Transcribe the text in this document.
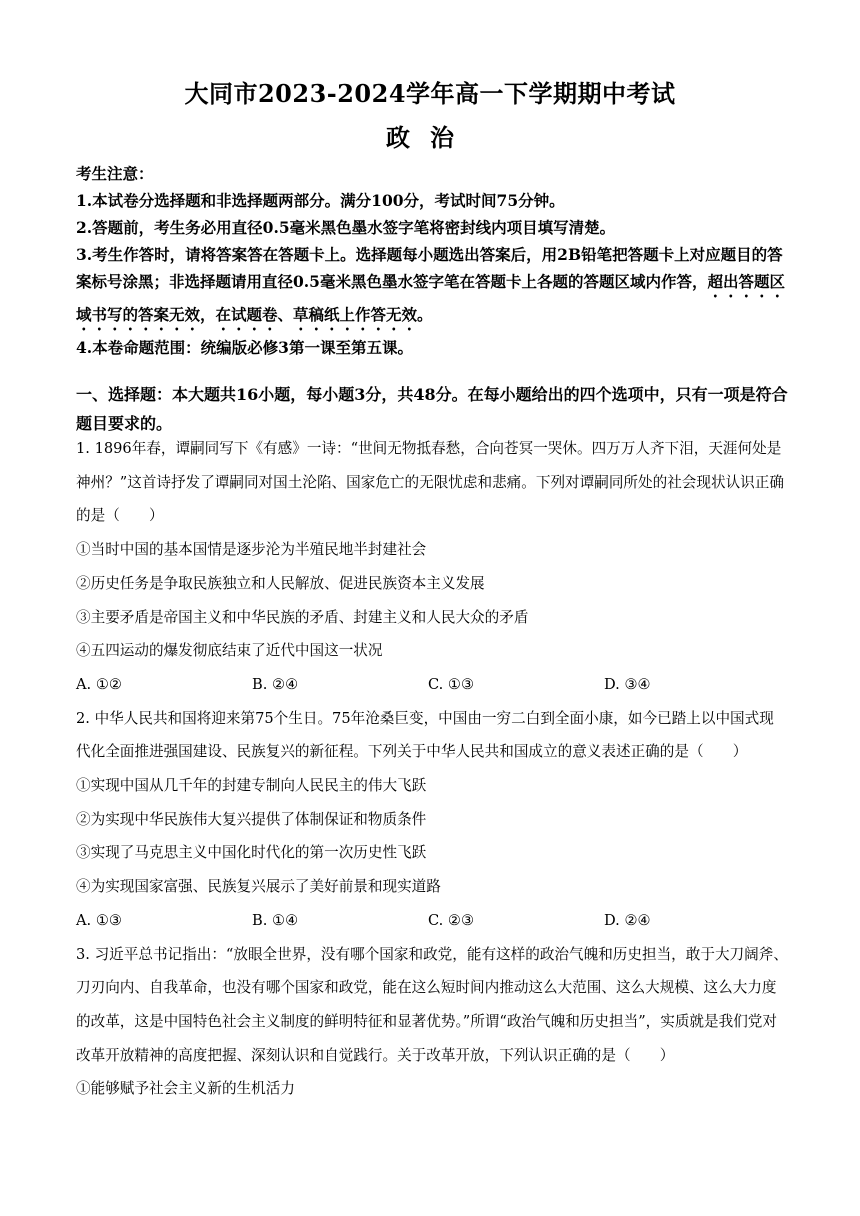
大同市2023-2024学年高一下学期期中考试
政治

考生注意：

1.本试卷分选择题和非选择题两部分。满分100分，考试时间75分钟。

2.答题前，考生务必用直径0.5毫米黑色墨水签字笔将密封线内项目填写清楚。

3.考生作答时，请将答案答在答题卡上。选择题每小题选出答案后，用2B铅笔把答题卡上对应题目的答案标号涂黑；非选择题请用直径0.5毫米黑色墨水签字笔在答题卡上各题的答题区域内作答，超出答题区域书写的答案无效，在试题卷、草稿纸上作答无效。

4.本卷命题范围：统编版必修3第一课至第五课。

一、选择题：本大题共16小题，每小题3分，共48分。在每小题给出的四个选项中，只有一项是符合题目要求的。

1. 1896年春，谭嗣同写下《有感》一诗：“世间无物抵春愁，合向苍冥一哭休。四万万人齐下泪，天涯何处是神州？”这首诗抒发了谭嗣同对国土沦陷、国家危亡的无限忧虑和悲痛。下列对谭嗣同所处的社会现状认识正确的是（　　）

①当时中国的基本国情是逐步沦为半殖民地半封建社会

②历史任务是争取民族独立和人民解放、促进民族资本主义发展

③主要矛盾是帝国主义和中华民族的矛盾、封建主义和人民大众的矛盾

④五四运动的爆发彻底结束了近代中国这一状况

A. ①②	B. ②④	C. ①③	D. ③④

2. 中华人民共和国将迎来第75个生日。75年沧桑巨变，中国由一穷二白到全面小康，如今已踏上以中国式现代化全面推进强国建设、民族复兴的新征程。下列关于中华人民共和国成立的意义表述正确的是（　　）

①实现中国从几千年的封建专制向人民民主的伟大飞跃

②为实现中华民族伟大复兴提供了体制保证和物质条件

③实现了马克思主义中国化时代化的第一次历史性飞跃

④为实现国家富强、民族复兴展示了美好前景和现实道路

A. ①③	B. ①④	C. ②③	D. ②④

3. 习近平总书记指出：“放眼全世界，没有哪个国家和政党，能有这样的政治气魄和历史担当，敢于大刀阔斧、刀刃向内、自我革命，也没有哪个国家和政党，能在这么短时间内推动这么大范围、这么大规模、这么大力度的改革，这是中国特色社会主义制度的鲜明特征和显著优势。”所谓“政治气魄和历史担当”，实质就是我们党对改革开放精神的高度把握、深刻认识和自觉践行。关于改革开放，下列认识正确的是（　　）

①能够赋予社会主义新的生机活力
